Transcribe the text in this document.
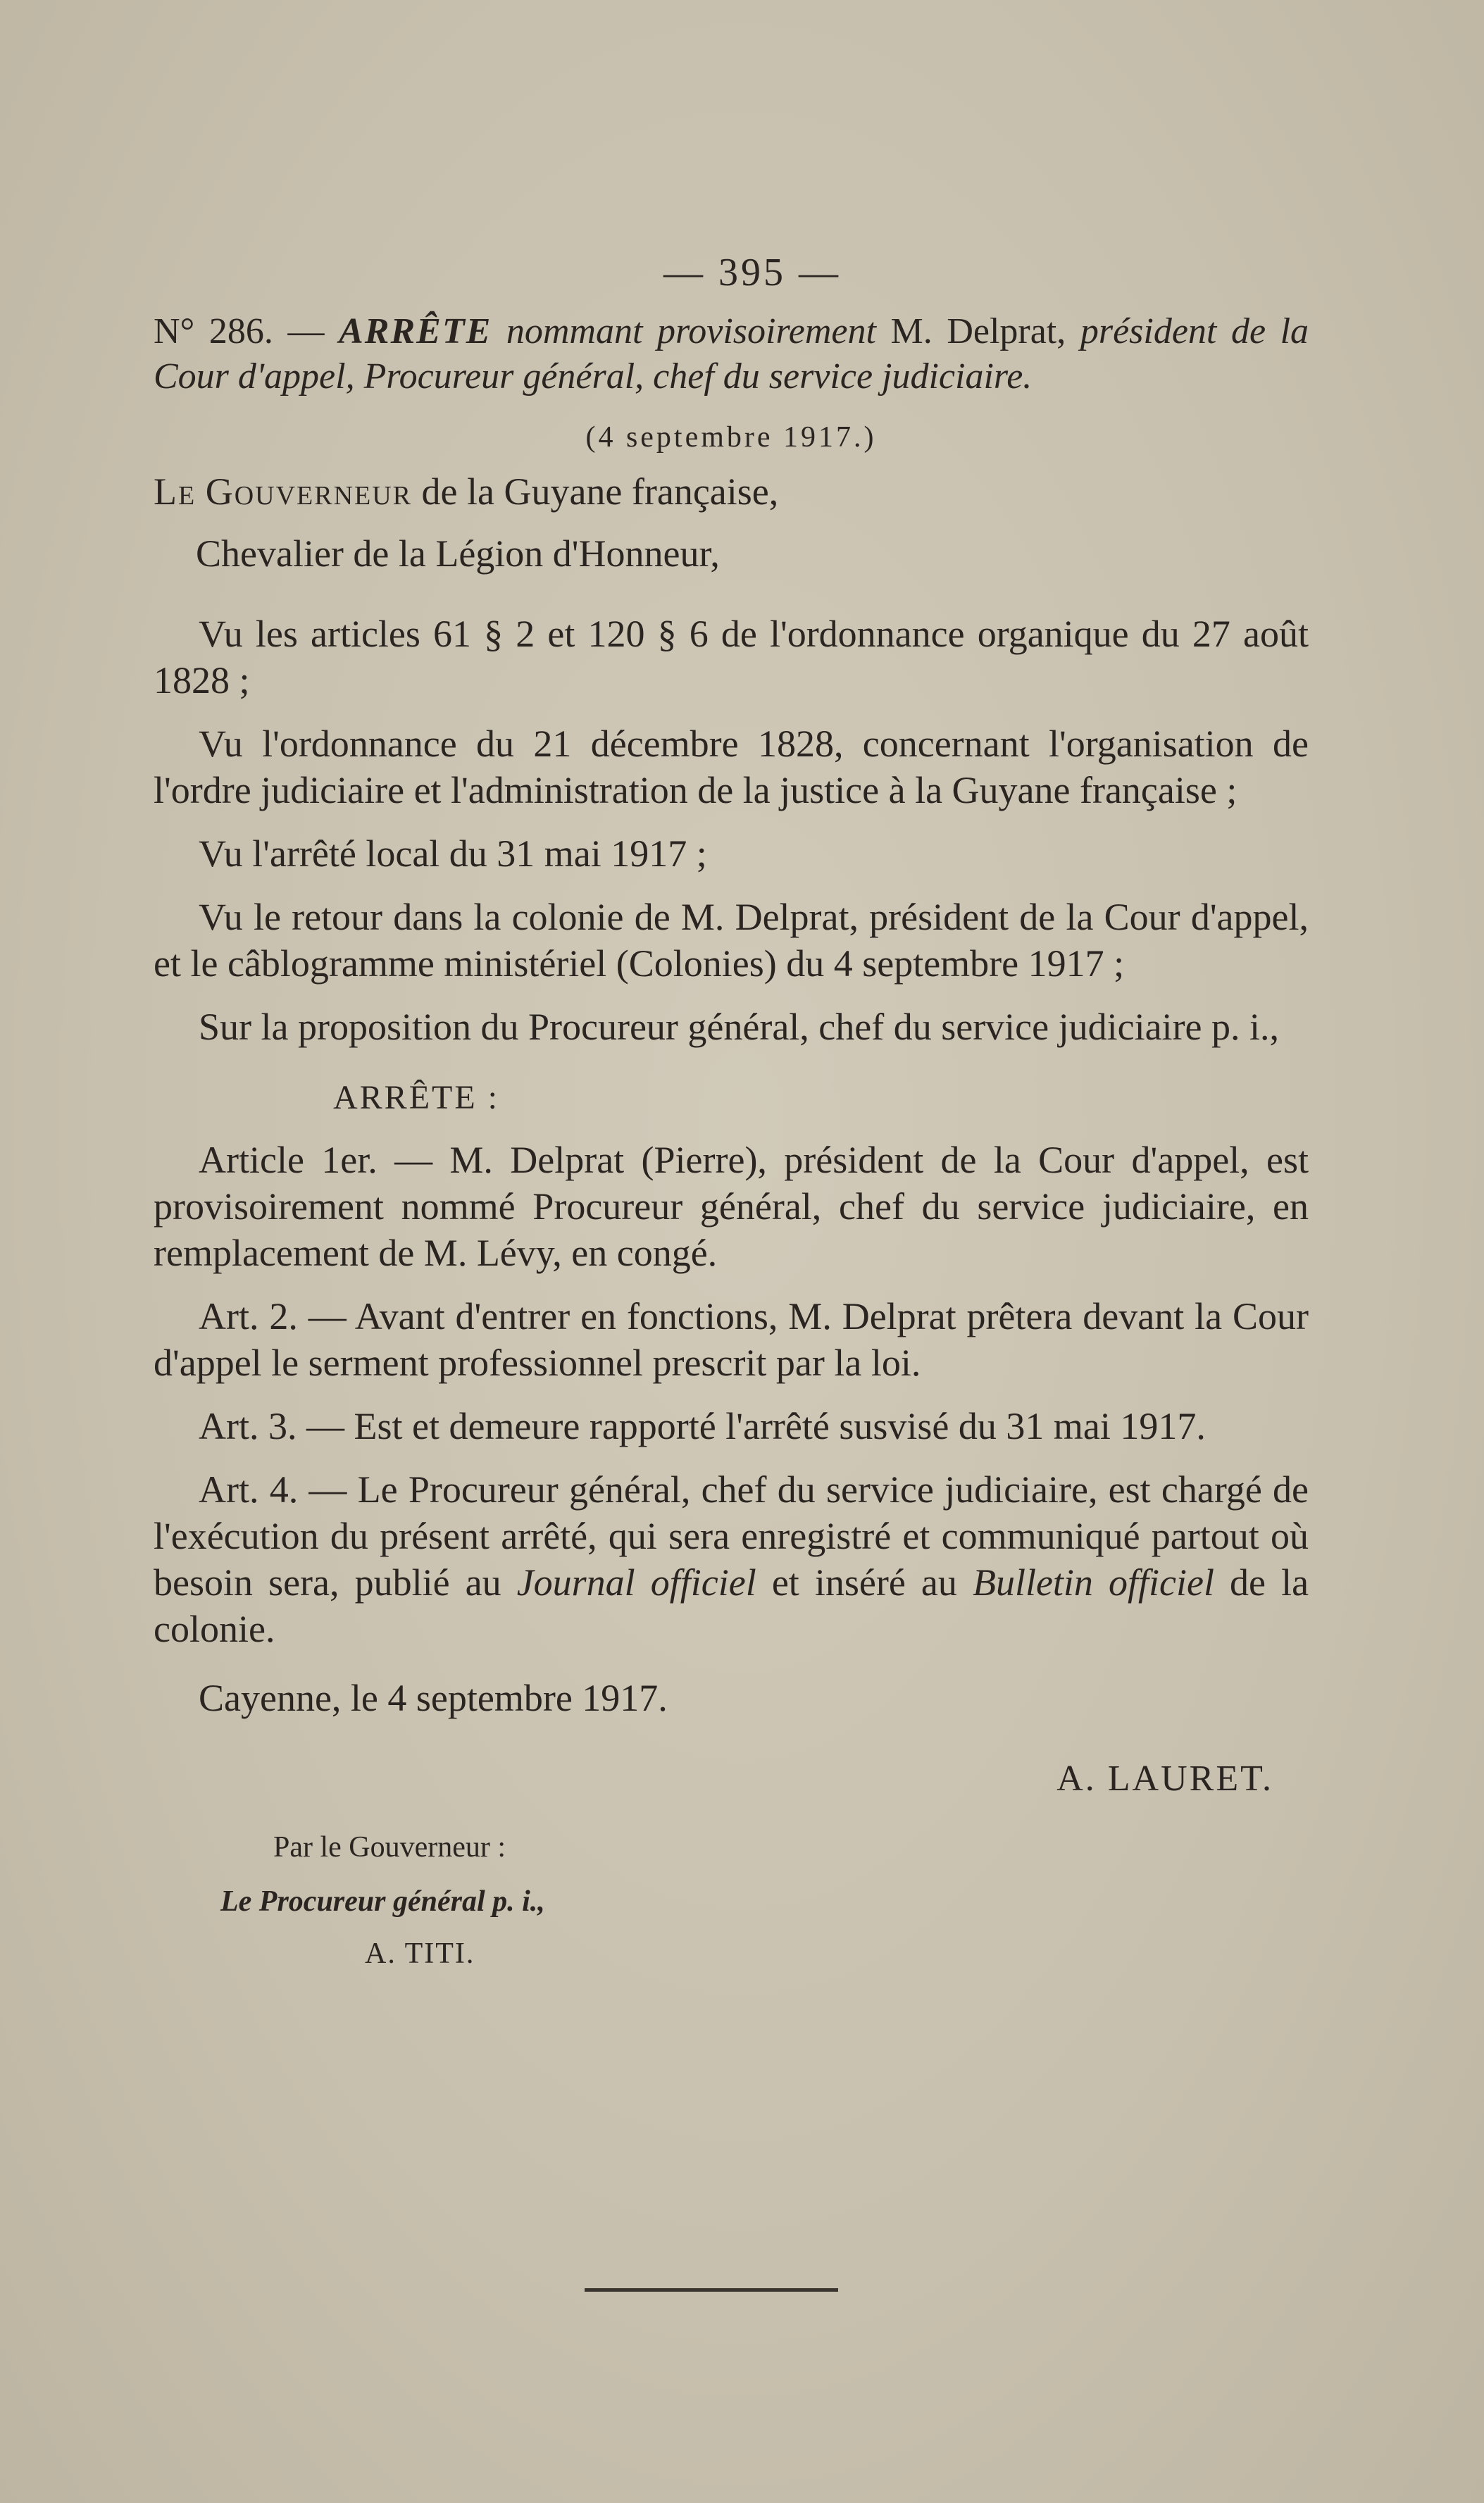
— 395 —

N° 286. — ARRÊTE nommant provisoirement M. Delprat, président de la Cour d'appel, Procureur général, chef du service judiciaire.

(4 septembre 1917.)

Le Gouverneur de la Guyane française,

Chevalier de la Légion d'Honneur,

Vu les articles 61 § 2 et 120 § 6 de l'ordonnance organique du 27 août 1828 ;

Vu l'ordonnance du 21 décembre 1828, concernant l'organisation de l'ordre judiciaire et l'administration de la justice à la Guyane française ;

Vu l'arrêté local du 31 mai 1917 ;

Vu le retour dans la colonie de M. Delprat, président de la Cour d'appel, et le câblogramme ministériel (Colonies) du 4 septembre 1917 ;

Sur la proposition du Procureur général, chef du service judiciaire p. i.,

ARRÊTE :

Article 1er. — M. Delprat (Pierre), président de la Cour d'appel, est provisoirement nommé Procureur général, chef du service judiciaire, en remplacement de M. Lévy, en congé.

Art. 2. — Avant d'entrer en fonctions, M. Delprat prêtera devant la Cour d'appel le serment professionnel prescrit par la loi.

Art. 3. — Est et demeure rapporté l'arrêté susvisé du 31 mai 1917.

Art. 4. — Le Procureur général, chef du service judiciaire, est chargé de l'exécution du présent arrêté, qui sera enregistré et communiqué partout où besoin sera, publié au Journal officiel et inséré au Bulletin officiel de la colonie.

Cayenne, le 4 septembre 1917.
A. LAURET.
Par le Gouverneur :
Le Procureur général p. i.,
A. TITI.
